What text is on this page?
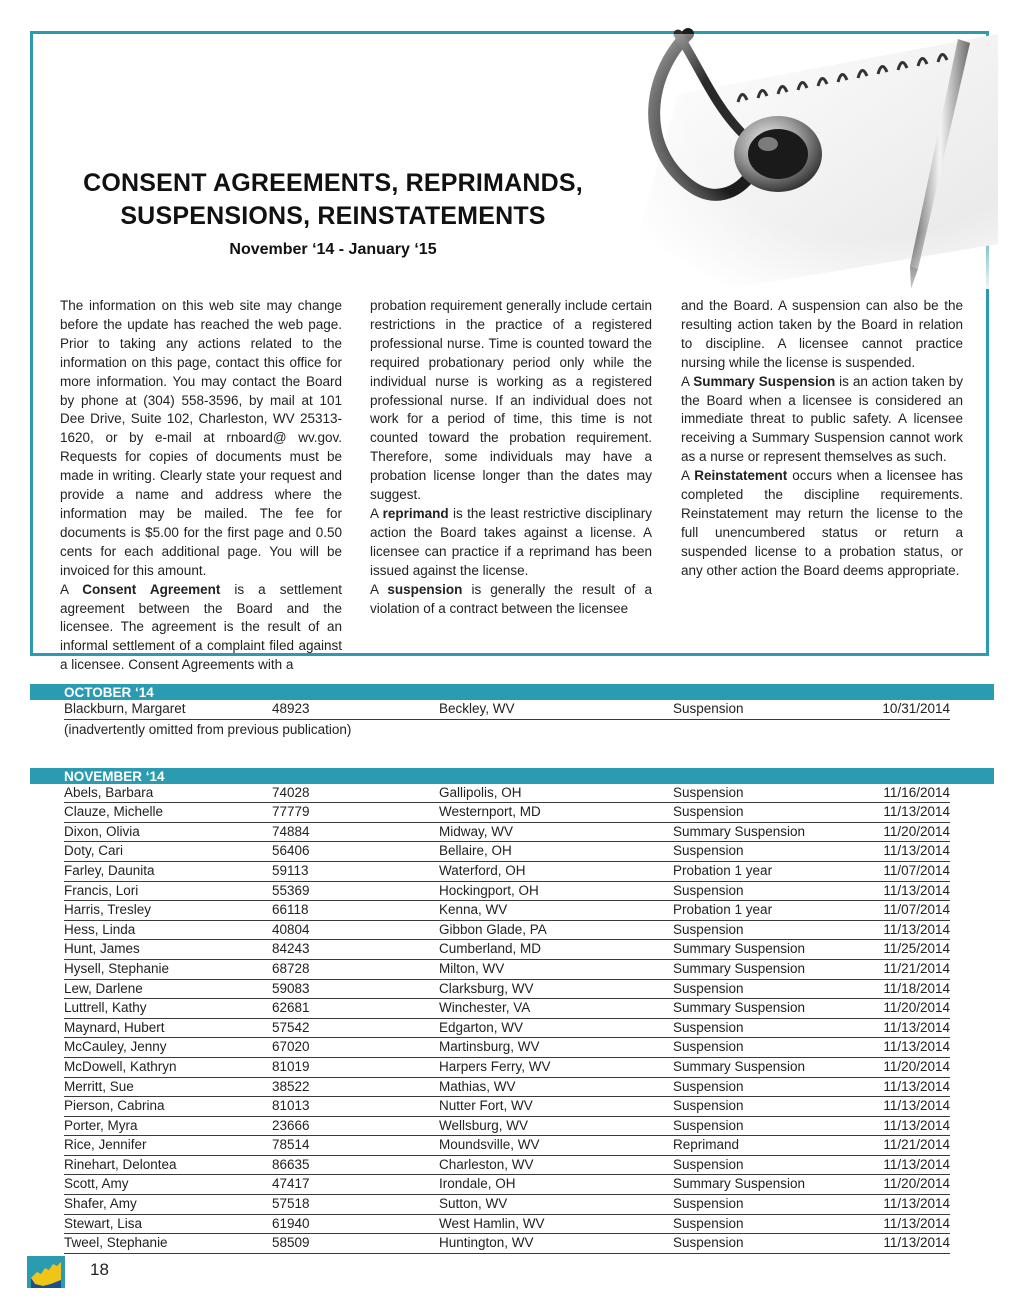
CONSENT AGREEMENTS, REPRIMANDS,
SUSPENSIONS, REINSTATEMENTS
November ‘14 - January ‘15

The information on this web site may change before the update has reached the web page. Prior to taking any actions related to the information on this page, contact this office for more information. You may contact the Board by phone at (304) 558-3596, by mail at 101 Dee Drive, Suite 102, Charleston, WV 25313-1620, or by e-mail at rnboard@ wv.gov. Requests for copies of documents must be made in writing. Clearly state your request and provide a name and address where the information may be mailed. The fee for documents is $5.00 for the first page and 0.50 cents for each additional page. You will be invoiced for this amount.

A Consent Agreement is a settlement agreement between the Board and the licensee. The agreement is the result of an informal settlement of a complaint filed against a licensee. Consent Agreements with a

probation requirement generally include certain restrictions in the practice of a registered professional nurse. Time is counted toward the required probationary period only while the individual nurse is working as a registered professional nurse. If an individual does not work for a period of time, this time is not counted toward the probation requirement. Therefore, some individuals may have a probation license longer than the dates may suggest.

A reprimand is the least restrictive disciplinary action the Board takes against a license. A licensee can practice if a reprimand has been issued against the license.

A suspension is generally the result of a violation of a contract between the licensee

and the Board. A suspension can also be the resulting action taken by the Board in relation to discipline. A licensee cannot practice nursing while the license is suspended.

A Summary Suspension is an action taken by the Board when a licensee is considered an immediate threat to public safety. A licensee receiving a Summary Suspension cannot work as a nurse or represent themselves as such.

A Reinstatement occurs when a licensee has completed the discipline requirements. Reinstatement may return the license to the full unencumbered status or return a suspended license to a probation status, or any other action the Board deems appropriate.

OCTOBER ‘14
Blackburn, Margaret	48923	Beckley, WV	Suspension	10/31/2014
(inadvertently omitted from previous publication)
NOVEMBER ‘14
Abels, Barbara	74028	Gallipolis, OH	Suspension	11/16/2014
Clauze, Michelle	77779	Westernport, MD	Suspension	11/13/2014
Dixon, Olivia	74884	Midway, WV	Summary Suspension	11/20/2014
Doty, Cari	56406	Bellaire, OH	Suspension	11/13/2014
Farley, Daunita	59113	Waterford, OH	Probation 1 year	11/07/2014
Francis, Lori	55369	Hockingport, OH	Suspension	11/13/2014
Harris, Tresley	66118	Kenna, WV	Probation 1 year	11/07/2014
Hess, Linda	40804	Gibbon Glade, PA	Suspension	11/13/2014
Hunt, James	84243	Cumberland, MD	Summary Suspension	11/25/2014
Hysell, Stephanie	68728	Milton, WV	Summary Suspension	11/21/2014
Lew, Darlene	59083	Clarksburg, WV	Suspension	11/18/2014
Luttrell, Kathy	62681	Winchester, VA	Summary Suspension	11/20/2014
Maynard, Hubert	57542	Edgarton, WV	Suspension	11/13/2014
McCauley, Jenny	67020	Martinsburg, WV	Suspension	11/13/2014
McDowell, Kathryn	81019	Harpers Ferry, WV	Summary Suspension	11/20/2014
Merritt, Sue	38522	Mathias, WV	Suspension	11/13/2014
Pierson, Cabrina	81013	Nutter Fort, WV	Suspension	11/13/2014
Porter, Myra	23666	Wellsburg, WV	Suspension	11/13/2014
Rice, Jennifer	78514	Moundsville, WV	Reprimand	11/21/2014
Rinehart, Delontea	86635	Charleston, WV	Suspension	11/13/2014
Scott, Amy	47417	Irondale, OH	Summary Suspension	11/20/2014
Shafer, Amy	57518	Sutton, WV	Suspension	11/13/2014
Stewart, Lisa	61940	West Hamlin, WV	Suspension	11/13/2014
Tweel, Stephanie	58509	Huntington, WV	Suspension	11/13/2014
18
